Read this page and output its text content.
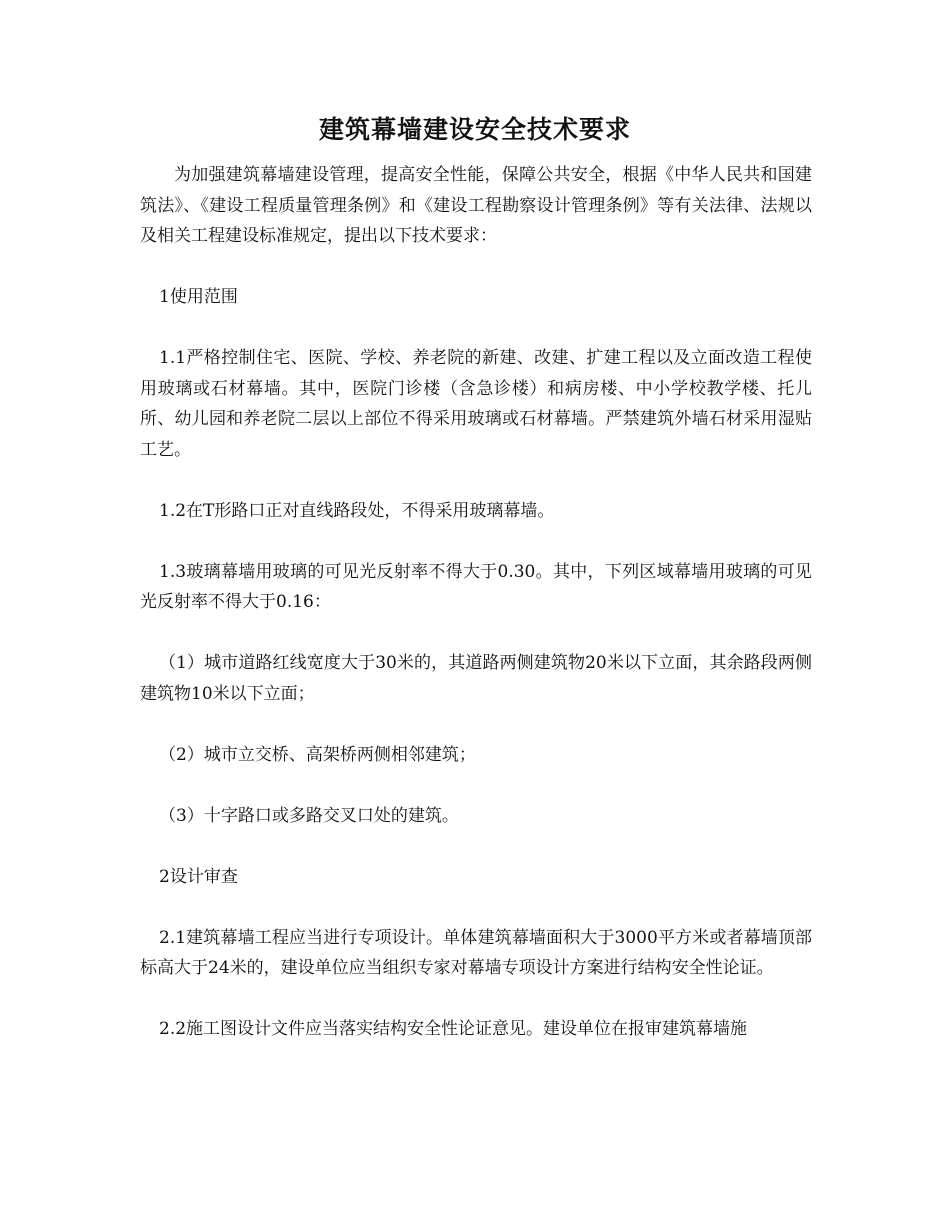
建筑幕墙建设安全技术要求

为加强建筑幕墙建设管理，提高安全性能，保障公共安全，根据《中华人民共和国建筑法》、《建设工程质量管理条例》和《建设工程勘察设计管理条例》等有关法律、法规以及相关工程建设标准规定，提出以下技术要求：

1使用范围

1.1严格控制住宅、医院、学校、养老院的新建、改建、扩建工程以及立面改造工程使用玻璃或石材幕墙。其中，医院门诊楼（含急诊楼）和病房楼、中小学校教学楼、托儿所、幼儿园和养老院二层以上部位不得采用玻璃或石材幕墙。严禁建筑外墙石材采用湿贴工艺。

1.2在T形路口正对直线路段处，不得采用玻璃幕墙。

1.3玻璃幕墙用玻璃的可见光反射率不得大于0.30。其中，下列区域幕墙用玻璃的可见光反射率不得大于0.16：

（1）城市道路红线宽度大于30米的，其道路两侧建筑物20米以下立面，其余路段两侧建筑物10米以下立面；

（2）城市立交桥、高架桥两侧相邻建筑；

（3）十字路口或多路交叉口处的建筑。

2设计审查

2.1建筑幕墙工程应当进行专项设计。单体建筑幕墙面积大于3000平方米或者幕墙顶部标高大于24米的，建设单位应当组织专家对幕墙专项设计方案进行结构安全性论证。

2.2施工图设计文件应当落实结构安全性论证意见。建设单位在报审建筑幕墙施
